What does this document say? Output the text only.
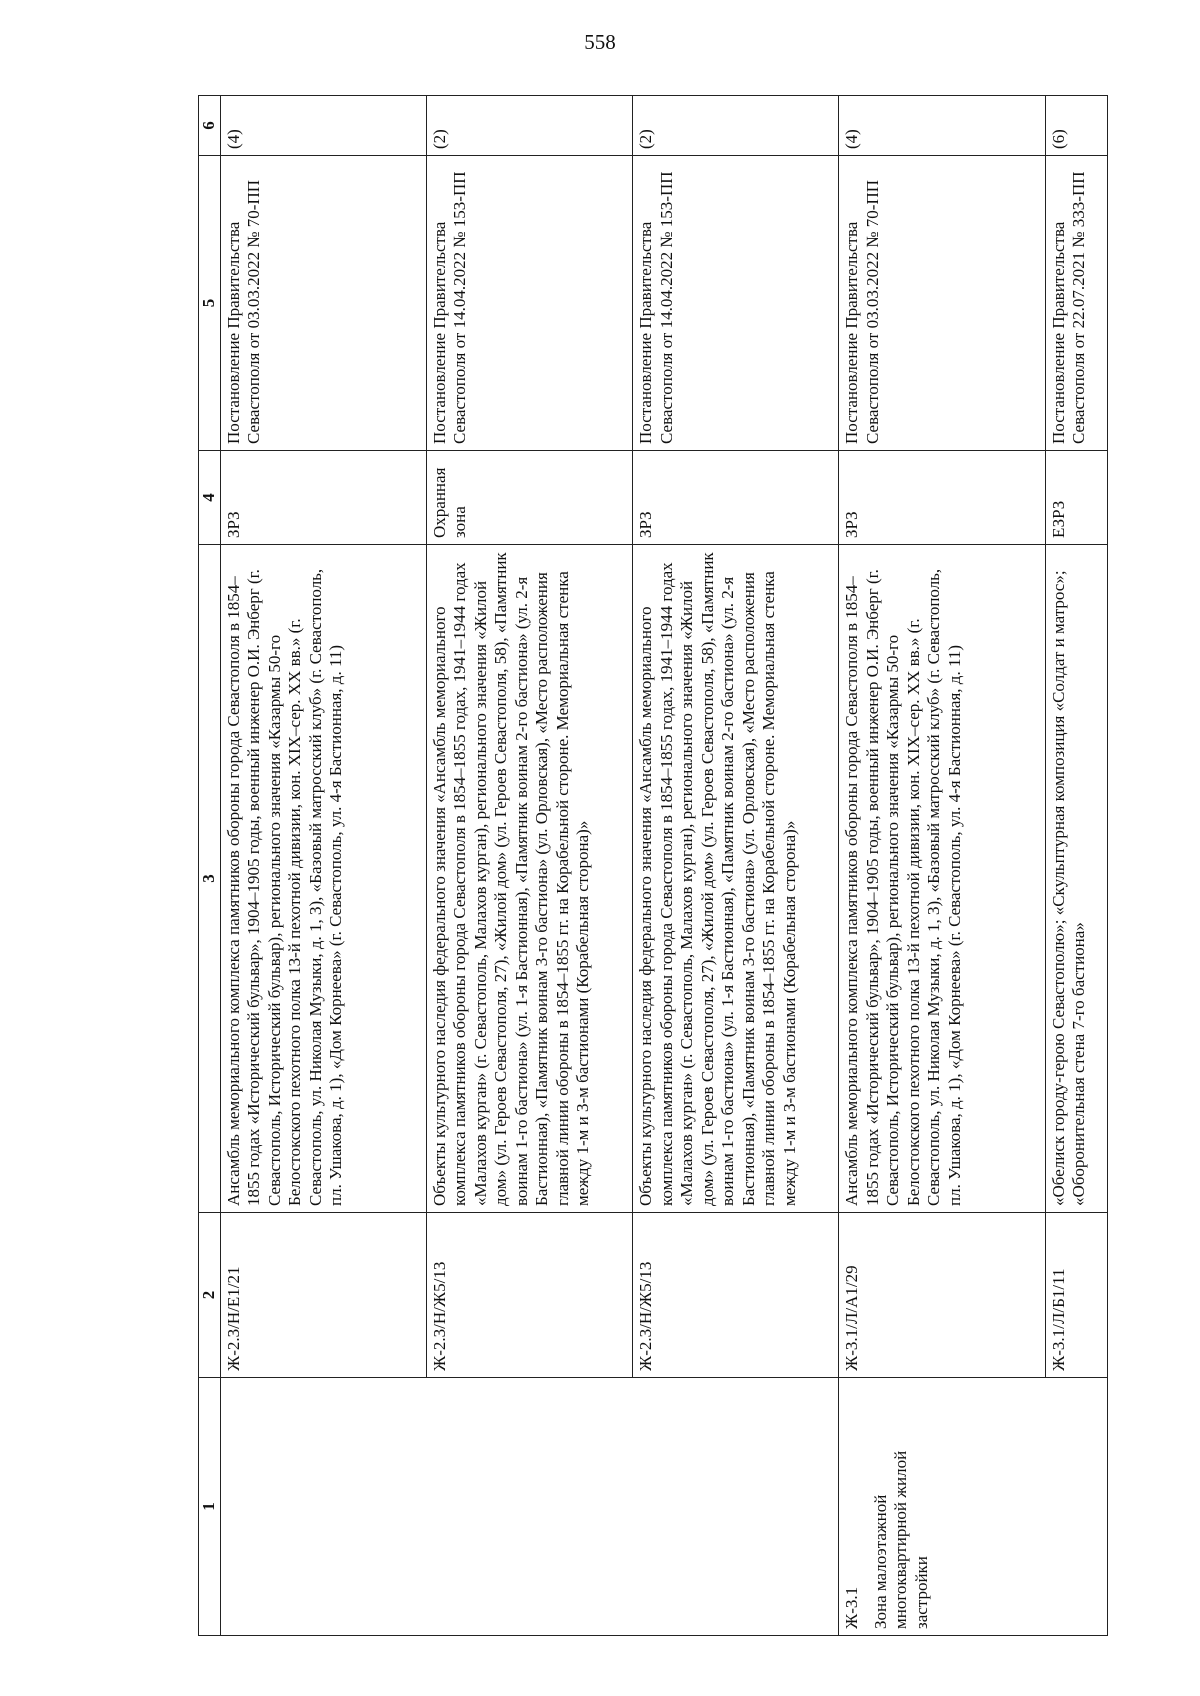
558
1	2	3	4	5	6
	Ж-2.3/Н/Е1/21	Ансамбль мемориального комплекса памятников обороны города Севастополя в 1854–1855 годах «Исторический бульвар», 1904–1905 годы, военный инженер О.И. Энберг (г. Севастополь, Исторический бульвар), регионального значения «Казармы 50-го Белостокского пехотного полка 13-й пехотной дивизии, кон. XIX–сер. XX вв.» (г. Севастополь, ул. Николая Музыки, д. 1, 3), «Базовый матросский клуб» (г. Севастополь, пл. Ушакова, д. 1), «Дом Корнеева» (г. Севастополь, ул. 4-я Бастионная, д. 11)	ЗРЗ	Постановление Правительства Севастополя от 03.03.2022 № 70-ПП	(4)
	Ж-2.3/Н/Ж5/13	Объекты культурного наследия федерального значения «Ансамбль мемориального комплекса памятников обороны города Севастополя в 1854–1855 годах, 1941–1944 годах «Малахов курган» (г. Севастополь, Малахов курган), регионального значения «Жилой дом» (ул. Героев Севастополя, 27), «Жилой дом» (ул. Героев Севастополя, 58), «Памятник воинам 1-го бастиона» (ул. 1-я Бастионная), «Памятник воинам 2-го бастиона» (ул. 2-я Бастионная), «Памятник воинам 3-го бастиона» (ул. Орловская), «Место расположения главной линии обороны в 1854–1855 гг. на Корабельной стороне. Мемориальная стенка между 1-м и 3-м бастионами (Корабельная сторона)»	Охранная зона	Постановление Правительства Севастополя от 14.04.2022 № 153-ПП	(2)
	Ж-2.3/Н/Ж5/13	Объекты культурного наследия федерального значения «Ансамбль мемориального комплекса памятников обороны города Севастополя в 1854–1855 годах, 1941–1944 годах «Малахов курган» (г. Севастополь, Малахов курган), регионального значения «Жилой дом» (ул. Героев Севастополя, 27), «Жилой дом» (ул. Героев Севастополя, 58), «Памятник воинам 1-го бастиона» (ул. 1-я Бастионная), «Памятник воинам 2-го бастиона» (ул. 2-я Бастионная), «Памятник воинам 3-го бастиона» (ул. Орловская), «Место расположения главной линии обороны в 1854–1855 гг. на Корабельной стороне. Мемориальная стенка между 1-м и 3-м бастионами (Корабельная сторона)»	ЗРЗ	Постановление Правительства Севастополя от 14.04.2022 № 153-ПП	(2)
Ж-3.1 Зона малоэтажной многоквартирной жилой застройки	Ж-3.1/Л/А1/29	Ансамбль мемориального комплекса памятников обороны города Севастополя в 1854–1855 годах «Исторический бульвар», 1904–1905 годы, военный инженер О.И. Энберг (г. Севастополь, Исторический бульвар), регионального значения «Казармы 50-го Белостокского пехотного полка 13-й пехотной дивизии, кон. XIX–сер. XX вв.» (г. Севастополь, ул. Николая Музыки, д. 1, 3), «Базовый матросский клуб» (г. Севастополь, пл. Ушакова, д. 1), «Дом Корнеева» (г. Севастополь, ул. 4-я Бастионная, д. 11)	ЗРЗ	Постановление Правительства Севастополя от 03.03.2022 № 70-ПП	(4)
	Ж-3.1/Л/Б1/11	«Обелиск городу-герою Севастополю»; «Скульптурная композиция «Солдат и матрос»; «Оборонительная стена 7-го бастиона»	ЕЗРЗ	Постановление Правительства Севастополя от 22.07.2021 № 333-ПП	(6)
